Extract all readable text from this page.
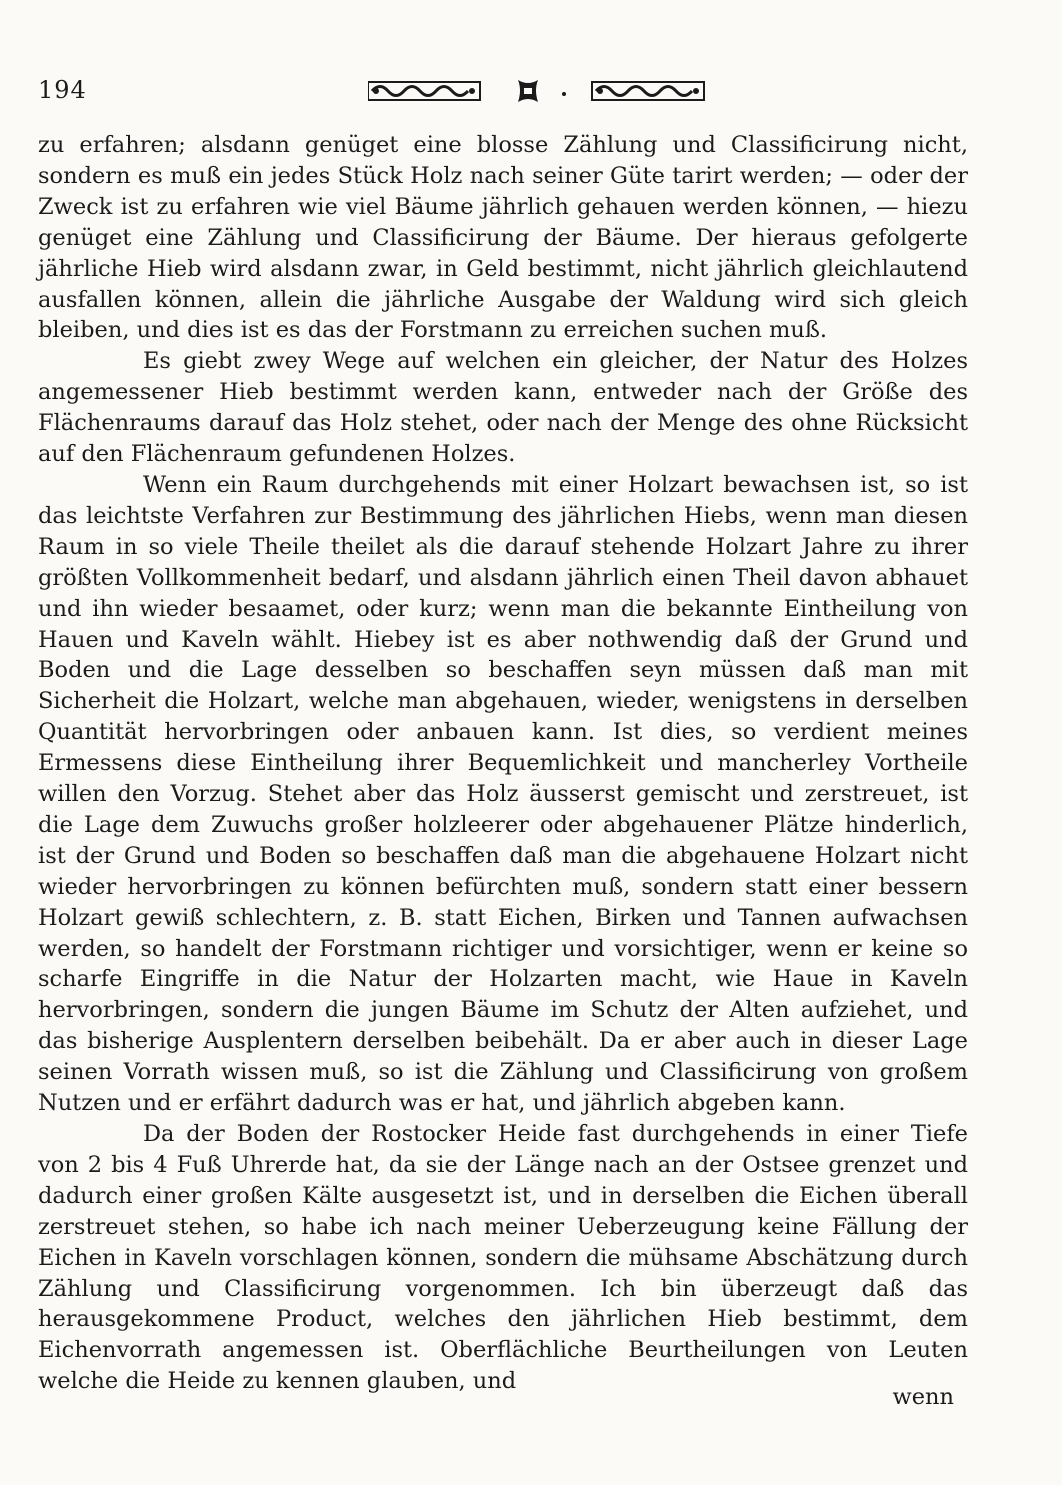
194

zu erfahren; alsdann genüget eine blosse Zählung und Classificirung nicht, sondern es muß ein jedes Stück Holz nach seiner Güte tarirt werden; — oder der Zweck ist zu erfahren wie viel Bäume jährlich gehauen werden können, — hiezu genüget eine Zählung und Classificirung der Bäume. Der hieraus gefolgerte jährliche Hieb wird alsdann zwar, in Geld bestimmt, nicht jährlich gleichlautend ausfallen können, allein die jährliche Ausgabe der Waldung wird sich gleich bleiben, und dies ist es das der Forstmann zu erreichen suchen muß.

Es giebt zwey Wege auf welchen ein gleicher, der Natur des Holzes angemessener Hieb bestimmt werden kann, entweder nach der Größe des Flächenraums darauf das Holz stehet, oder nach der Menge des ohne Rücksicht auf den Flächenraum gefundenen Holzes.

Wenn ein Raum durchgehends mit einer Holzart bewachsen ist, so ist das leichtste Verfahren zur Bestimmung des jährlichen Hiebs, wenn man diesen Raum in so viele Theile theilet als die darauf stehende Holzart Jahre zu ihrer größten Vollkommenheit bedarf, und alsdann jährlich einen Theil davon abhauet und ihn wieder besaamet, oder kurz; wenn man die bekannte Eintheilung von Hauen und Kaveln wählt. Hiebey ist es aber nothwendig daß der Grund und Boden und die Lage desselben so beschaffen seyn müssen daß man mit Sicherheit die Holzart, welche man abgehauen, wieder, wenigstens in derselben Quantität hervorbringen oder anbauen kann. Ist dies, so verdient meines Ermessens diese Eintheilung ihrer Bequemlichkeit und mancherley Vortheile willen den Vorzug. Stehet aber das Holz äusserst gemischt und zerstreuet, ist die Lage dem Zuwuchs großer holzleerer oder abgehauener Plätze hinderlich, ist der Grund und Boden so beschaffen daß man die abgehauene Holzart nicht wieder hervorbringen zu können befürchten muß, sondern statt einer bessern Holzart gewiß schlechtern, z. B. statt Eichen, Birken und Tannen aufwachsen werden, so handelt der Forstmann richtiger und vorsichtiger, wenn er keine so scharfe Eingriffe in die Natur der Holzarten macht, wie Haue in Kaveln hervorbringen, sondern die jungen Bäume im Schutz der Alten aufziehet, und das bisherige Ausplentern derselben beibehält. Da er aber auch in dieser Lage seinen Vorrath wissen muß, so ist die Zählung und Classificirung von großem Nutzen und er erfährt dadurch was er hat, und jährlich abgeben kann.

Da der Boden der Rostocker Heide fast durchgehends in einer Tiefe von 2 bis 4 Fuß Uhrerde hat, da sie der Länge nach an der Ostsee grenzet und dadurch einer großen Kälte ausgesetzt ist, und in derselben die Eichen überall zerstreuet stehen, so habe ich nach meiner Ueberzeugung keine Fällung der Eichen in Kaveln vorschlagen können, sondern die mühsame Abschätzung durch Zählung und Classificirung vorgenommen. Ich bin überzeugt daß das herausgekommene Product, welches den jährlichen Hieb bestimmt, dem Eichenvorrath angemessen ist. Oberflächliche Beurtheilungen von Leuten welche die Heide zu kennen glauben, und

wenn
